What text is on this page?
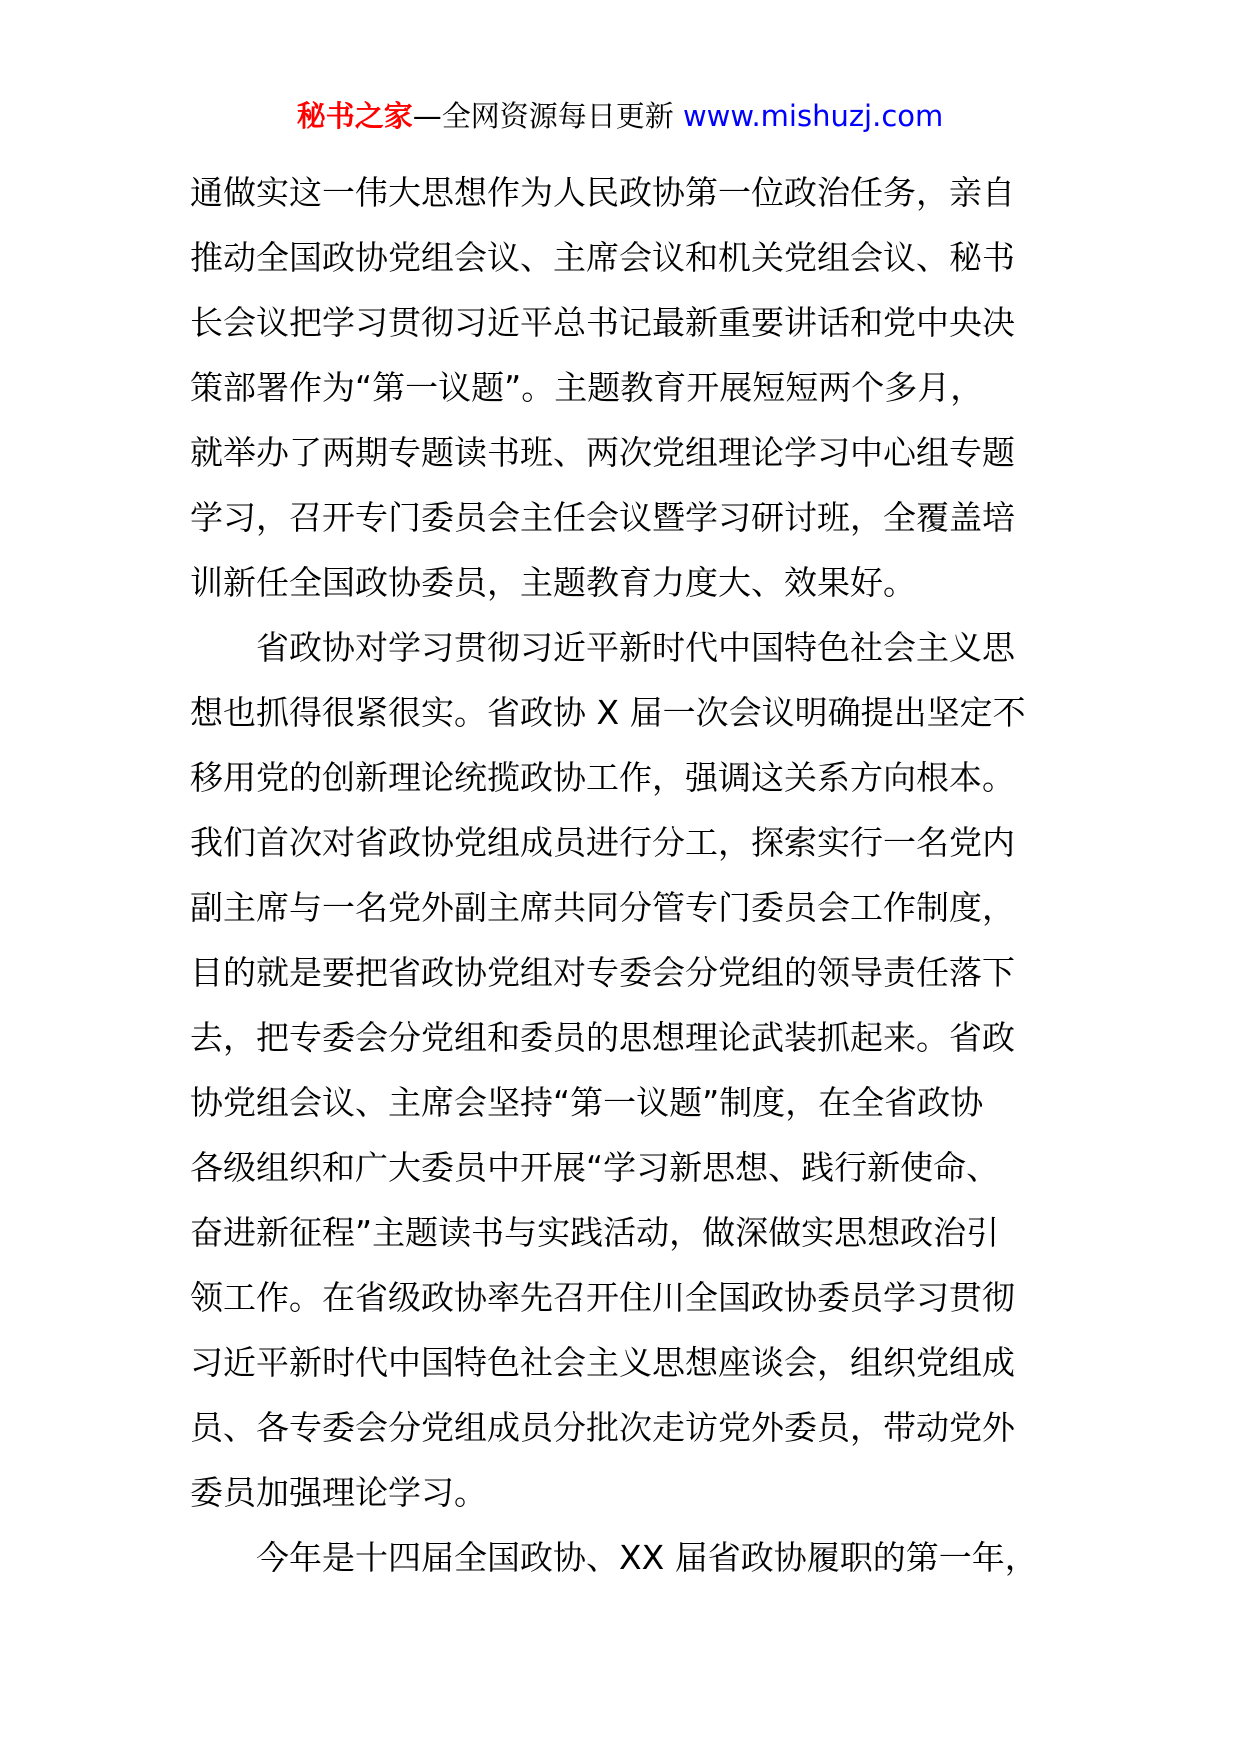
秘书之家—全网资源每日更新 www.mishuzj.com
通做实这一伟大思想作为人民政协第一位政治任务，亲自
推动全国政协党组会议、主席会议和机关党组会议、秘书
长会议把学习贯彻习近平总书记最新重要讲话和党中央决
策部署作为“第一议题”。主题教育开展短短两个多月，
就举办了两期专题读书班、两次党组理论学习中心组专题
学习，召开专门委员会主任会议暨学习研讨班，全覆盖培
训新任全国政协委员，主题教育力度大、效果好。
省政协对学习贯彻习近平新时代中国特色社会主义思
想也抓得很紧很实。省政协 X 届一次会议明确提出坚定不
移用党的创新理论统揽政协工作，强调这关系方向根本。
我们首次对省政协党组成员进行分工，探索实行一名党内
副主席与一名党外副主席共同分管专门委员会工作制度，
目的就是要把省政协党组对专委会分党组的领导责任落下
去，把专委会分党组和委员的思想理论武装抓起来。省政
协党组会议、主席会坚持“第一议题”制度，在全省政协
各级组织和广大委员中开展“学习新思想、践行新使命、
奋进新征程”主题读书与实践活动，做深做实思想政治引
领工作。在省级政协率先召开住川全国政协委员学习贯彻
习近平新时代中国特色社会主义思想座谈会，组织党组成
员、各专委会分党组成员分批次走访党外委员，带动党外
委员加强理论学习。
今年是十四届全国政协、XX 届省政协履职的第一年，
